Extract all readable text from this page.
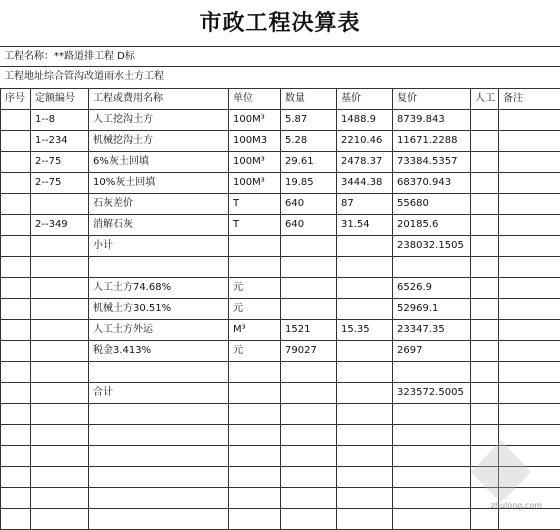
市政工程决算表
工程名称：**路道排工程 D标
工程地址综合管沟改道雨水土方工程
序号	定额编号	工程或费用名称	单位	数量	基价	复价	人工	备注
	1--8	人工挖沟土方	100M³	5.87	1488.9	8739.843		
	1--234	机械挖沟土方	100M3	5.28	2210.46	11671.2288		
	2--75	6%灰土回填	100M³	29.61	2478.37	73384.5357		
	2--75	10%灰土回填	100M³	19.85	3444.38	68370.943		
		石灰差价	T	640	87	55680		
	2--349	消解石灰	T	640	31.54	20185.6		
		小计				238032.1505		

		人工土方74.68%	元			6526.9		
		机械土方30.51%	元			52969.1		
		人工土方外运	M³	1521	15.35	23347.35		
		税金3.413%	元	79027		2697		

		合计				323572.5005		

zhulong.com
